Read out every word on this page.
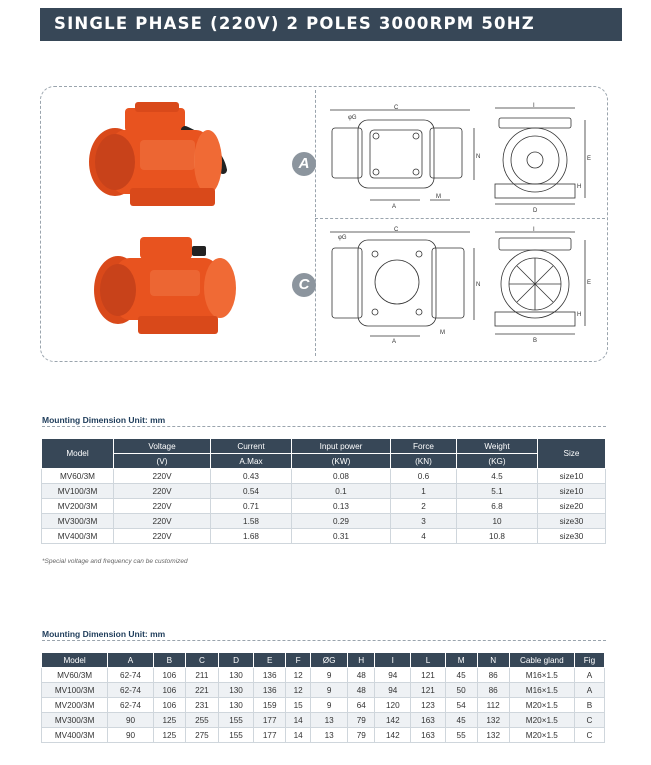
SINGLE PHASE (220V) 2 POLES 3000RPM 50HZ
A
C
C
φG
A
M
N
I
E
H
D
C
φG
A
M
N
I
E
H
B
Mounting Dimension Unit: mm
Model	Voltage	Current	Input power	Force	Weight	Size
	(V)	A.Max	(KW)	(KN)	(KG)	
MV60/3M	220V	0.43	0.08	0.6	4.5	size10
MV100/3M	220V	0.54	0.1	1	5.1	size10
MV200/3M	220V	0.71	0.13	2	6.8	size20
MV300/3M	220V	1.58	0.29	3	10	size30
MV400/3M	220V	1.68	0.31	4	10.8	size30
*Special voltage and frequency can be customized
Mounting Dimension Unit: mm
Model	A	B	C	D	E	F	ØG	H	I	L	M	N	Cable gland	Fig
MV60/3M	62-74	106	211	130	136	12	9	48	94	121	45	86	M16×1.5	A
MV100/3M	62-74	106	221	130	136	12	9	48	94	121	50	86	M16×1.5	A
MV200/3M	62-74	106	231	130	159	15	9	64	120	123	54	112	M20×1.5	B
MV300/3M	90	125	255	155	177	14	13	79	142	163	45	132	M20×1.5	C
MV400/3M	90	125	275	155	177	14	13	79	142	163	55	132	M20×1.5	C
